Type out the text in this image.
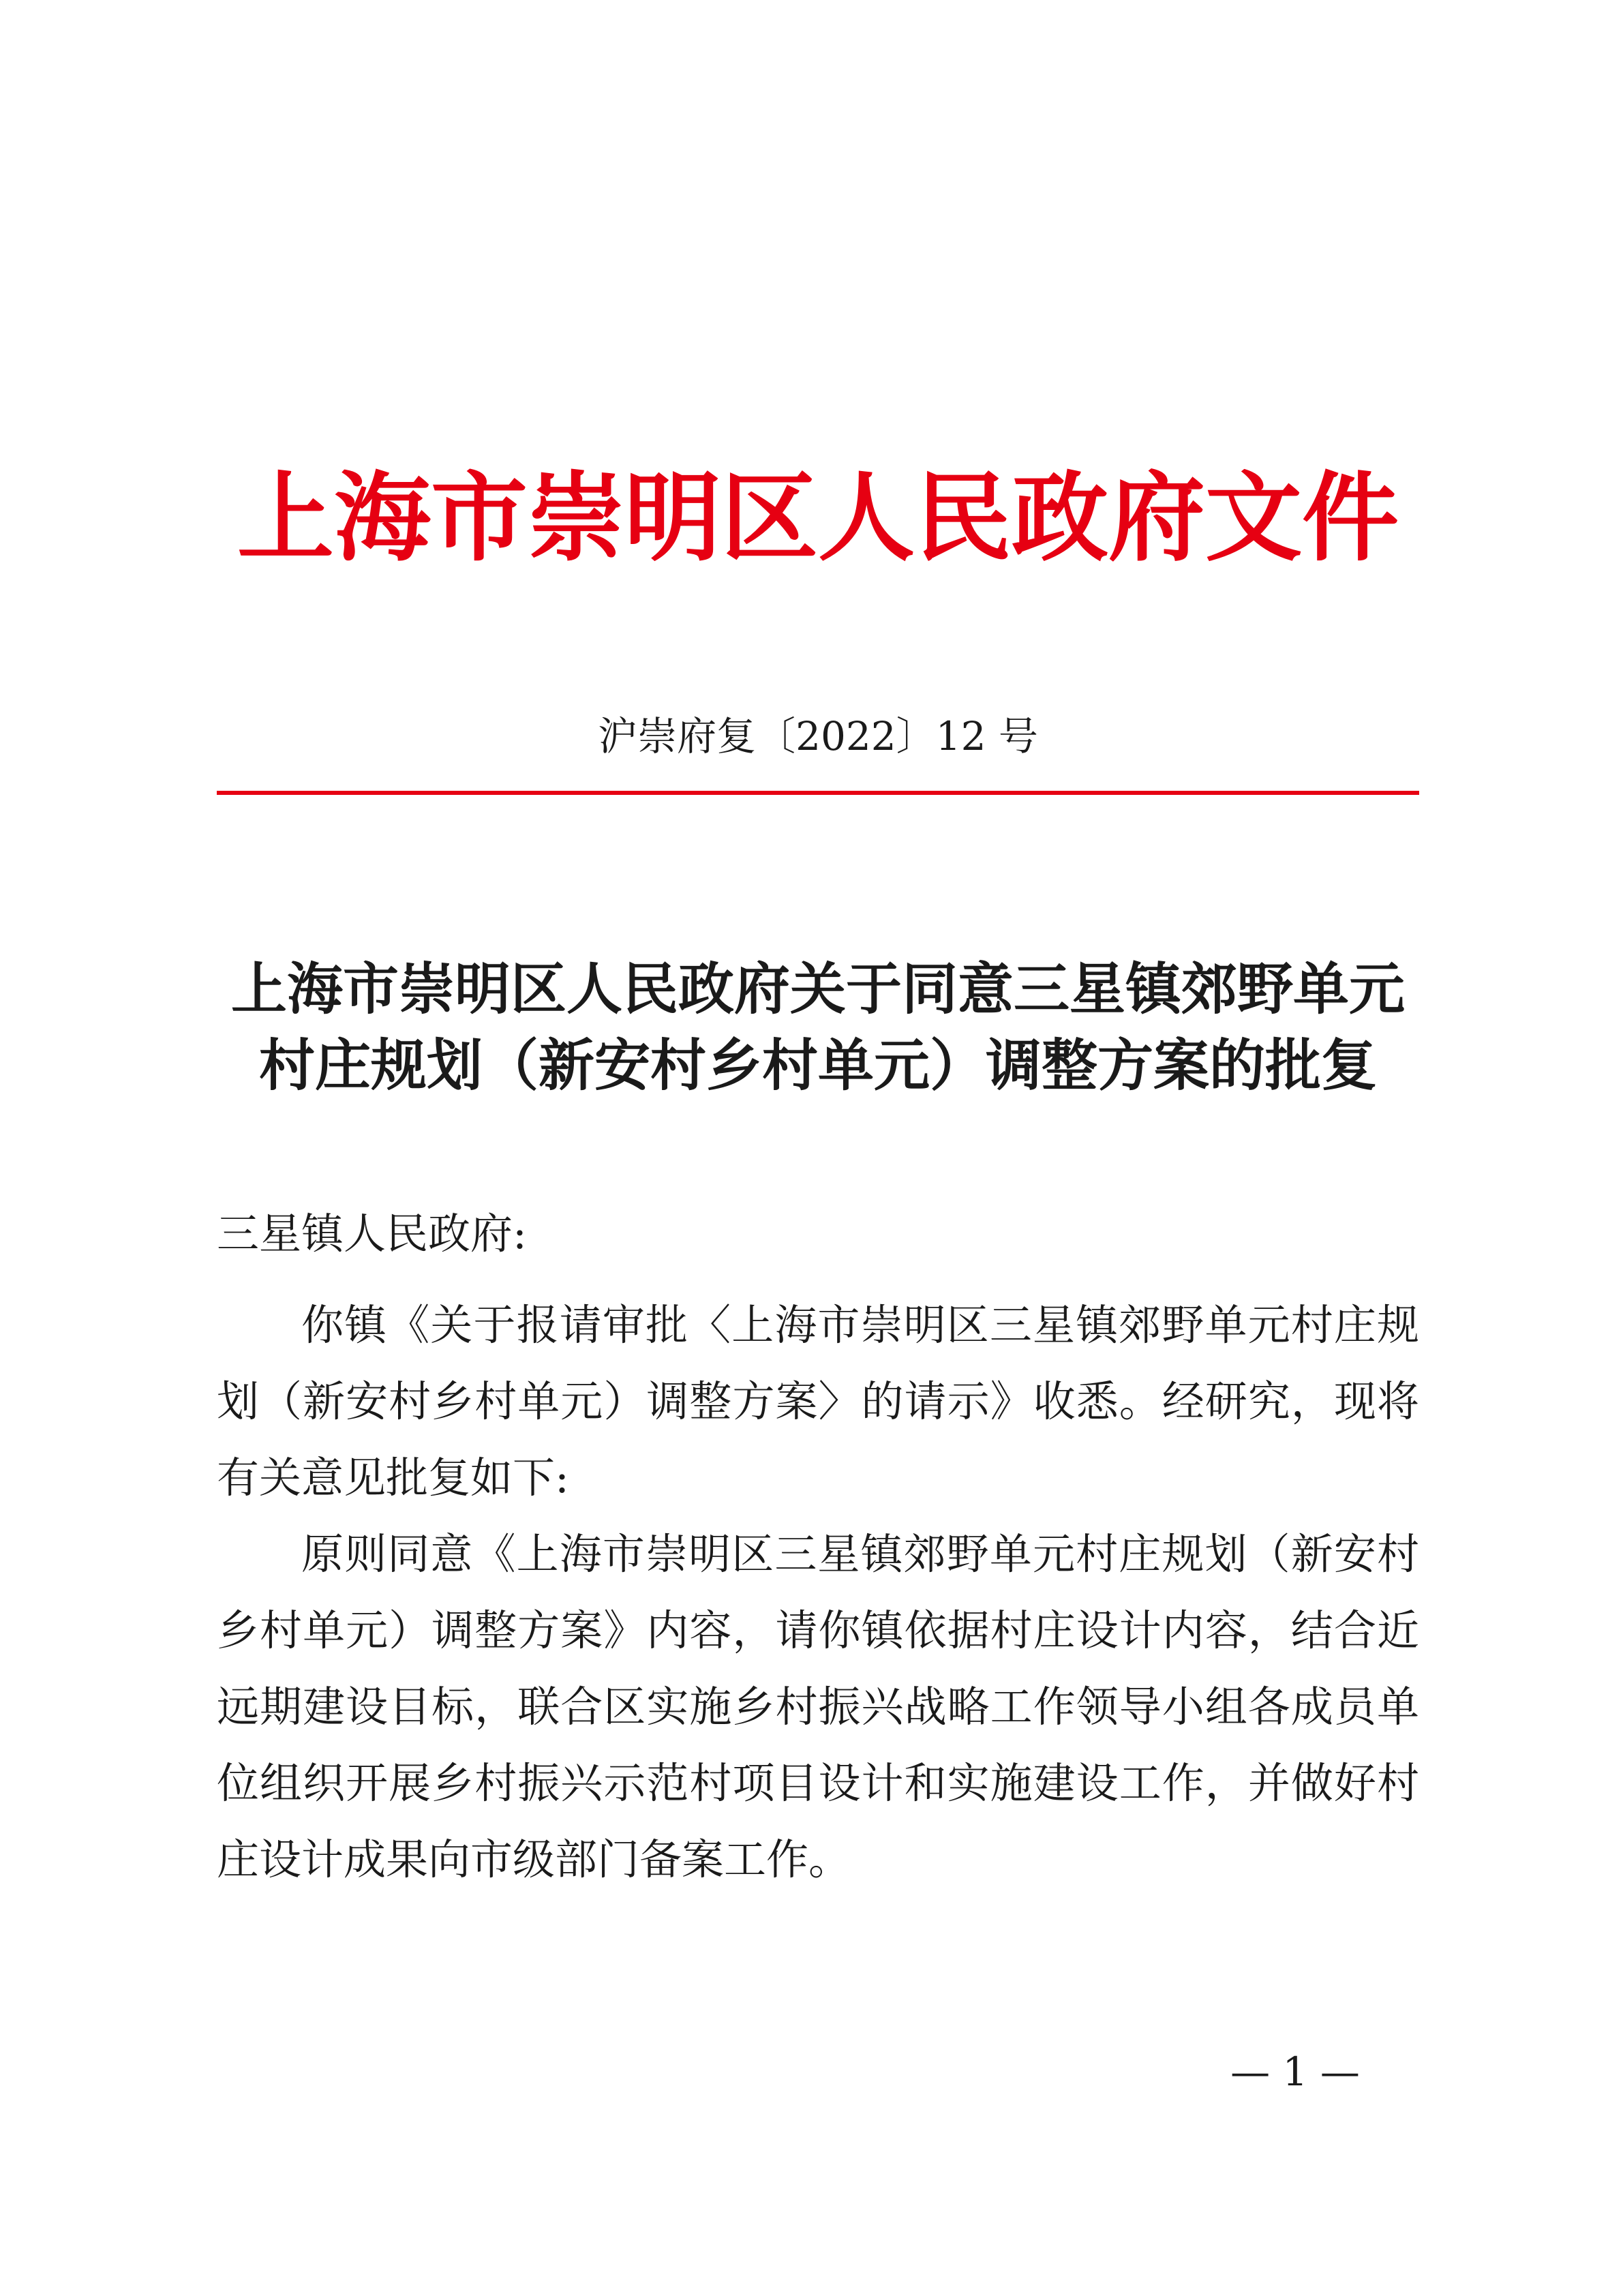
上海市崇明区人民政府文件
沪崇府复〔2022〕12 号
上海市崇明区人民政府关于同意三星镇郊野单元
村庄规划（新安村乡村单元）调整方案的批复
三星镇人民政府:
你镇《关于报请审批〈上海市崇明区三星镇郊野单元村庄规划（新安村乡村单元）调整方案〉的请示》收悉。经研究，现将有关意见批复如下:
原则同意《上海市崇明区三星镇郊野单元村庄规划（新安村乡村单元）调整方案》内容，请你镇依据村庄设计内容，结合近远期建设目标，联合区实施乡村振兴战略工作领导小组各成员单位组织开展乡村振兴示范村项目设计和实施建设工作，并做好村庄设计成果向市级部门备案工作。
— 1 —
